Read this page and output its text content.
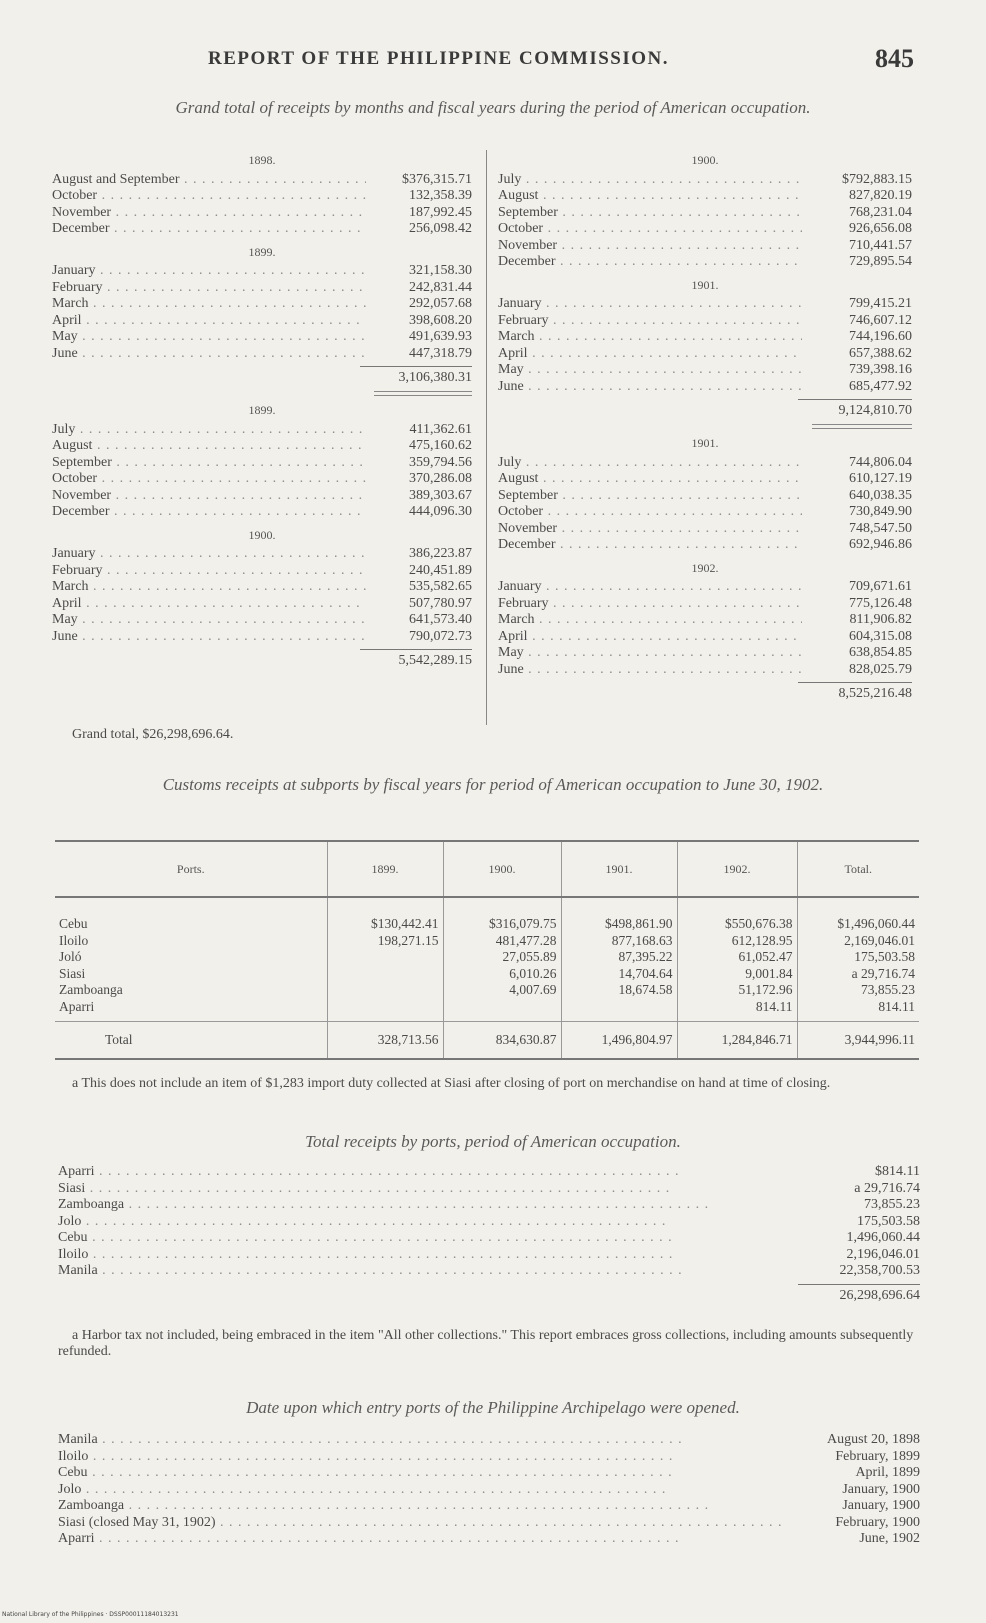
REPORT OF THE PHILIPPINE COMMISSION.	845
Grand total of receipts by months and fiscal years during the period of American occupation.
1898.
August and September . . .	$376,315.71
October . . .	132,358.39
November . . .	187,992.45
December . . .	256,098.42
1899.
January . . .	321,158.30
February . . .	242,831.44
March . . .	292,057.68
April . . .	398,608.20
May . . .	491,639.93
June . . .	447,318.79
3,106,380.31
1899.
July . . .	411,362.61
August . . .	475,160.62
September . . .	359,794.56
October . . .	370,286.08
November . . .	389,303.67
December . . .	444,096.30
1900.
January . . .	386,223.87
February . . .	240,451.89
March . . .	535,582.65
April . . .	507,780.97
May . . .	641,573.40
June . . .	790,072.73
5,542,289.15
1900.
July . . .	$792,883.15
August . . .	827,820.19
September . . .	768,231.04
October . . .	926,656.08
November . . .	710,441.57
December . . .	729,895.54
1901.
January . . .	799,415.21
February . . .	746,607.12
March . . .	744,196.60
April . . .	657,388.62
May . . .	739,398.16
June . . .	685,477.92
9,124,810.70
1901.
July . . .	744,806.04
August . . .	610,127.19
September . . .	640,038.35
October . . .	730,849.90
November . . .	748,547.50
December . . .	692,946.86
1902.
January . . .	709,671.61
February . . .	775,126.48
March . . .	811,906.82
April . . .	604,315.08
May . . .	638,854.85
June . . .	828,025.79
8,525,216.48
Grand total, $26,298,696.64.
Customs receipts at subports by fiscal years for period of American occupation to June 30, 1902.
Ports.	1899.	1900.	1901.	1902.	Total.
Cebu	$130,442.41	$316,079.75	$498,861.90	$550,676.38	$1,496,060.44
Iloilo	198,271.15	481,477.28	877,168.63	612,128.95	2,169,046.01
Joló		27,055.89	87,395.22	61,052.47	175,503.58
Siasi		6,010.26	14,704.64	9,001.84	a 29,716.74
Zamboanga		4,007.69	18,674.58	51,172.96	73,855.23
Aparri				814.11	814.11
Total	328,713.56	834,630.87	1,496,804.97	1,284,846.71	3,944,996.11
a This does not include an item of $1,283 import duty collected at Siasi after closing of port on merchandise on hand at time of closing.
Total receipts by ports, period of American occupation.
Aparri . . .	$814.11
Siasi . . .	a 29,716.74
Zamboanga . . .	73,855.23
Jolo . . .	175,503.58
Cebu . . .	1,496,060.44
Iloilo . . .	2,196,046.01
Manila . . .	22,358,700.53
26,298,696.64
a Harbor tax not included, being embraced in the item "All other collections." This report embraces gross collections, including amounts subsequently refunded.
Date upon which entry ports of the Philippine Archipelago were opened.
Manila . . .	August 20, 1898
Iloilo . . .	February, 1899
Cebu . . .	April, 1899
Jolo . . .	January, 1900
Zamboanga . . .	January, 1900
Siasi (closed May 31, 1902) . . .	February, 1900
Aparri . . .	June, 1902
National Library of the Philippines · DSSP00011184013231
